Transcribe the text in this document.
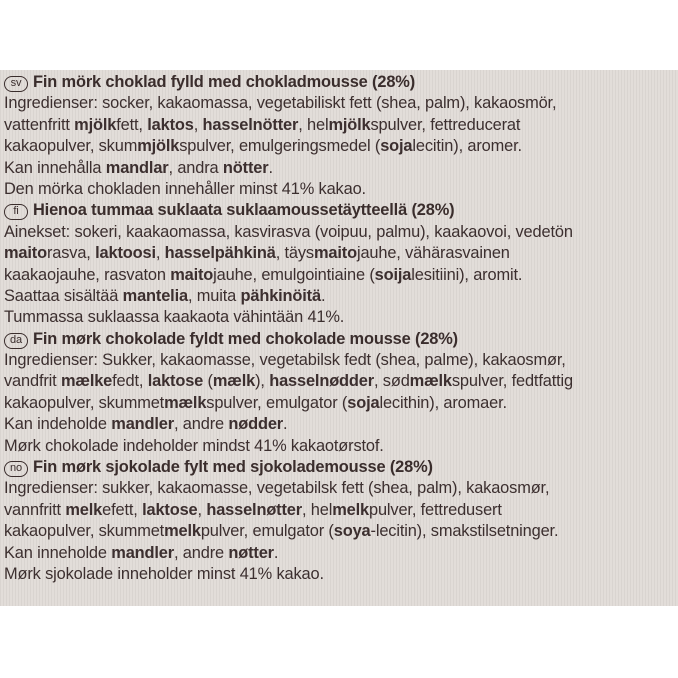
sv Fin mörk choklad fylld med chokladmousse (28%)
Ingredienser: socker, kakaomassa, vegetabiliskt fett (shea, palm), kakaosmör,
vattenfritt mjölkfett, laktos, hasselnötter, helmjölkspulver, fettreducerat
kakaopulver, skummjölkspulver, emulgeringsmedel (sojalecitin), aromer.
Kan innehålla mandlar, andra nötter.
Den mörka chokladen innehåller minst 41% kakao.
fi Hienoa tummaa suklaata suklaamoussetäytteellä (28%)
Ainekset: sokeri, kaakaomassa, kasvirasva (voipuu, palmu), kaakaovoi, vedetön
maitorasva, laktoosi, hasselpähkinä, täysmaitojauhe, vähärasvainen
kaakaojauhe, rasvaton maitojauhe, emulgointiaine (soijalesitiini), aromit.
Saattaa sisältää mantelia, muita pähkinöitä.
Tummassa suklaassa kaakaota vähintään 41%.
da Fin mørk chokolade fyldt med chokolade mousse (28%)
Ingredienser: Sukker, kakaomasse, vegetabilsk fedt (shea, palme), kakaosmør,
vandfrit mælkefedt, laktose (mælk), hasselnødder, sødmælkspulver, fedtfattig
kakaopulver, skummetmælkspulver, emulgator (sojalecithin), aromaer.
Kan indeholde mandler, andre nødder.
Mørk chokolade indeholder mindst 41% kakaotørstof.
no Fin mørk sjokolade fylt med sjokolademousse (28%)
Ingredienser: sukker, kakaomasse, vegetabilsk fett (shea, palm), kakaosmør,
vannfritt melkefett, laktose, hasselnøtter, helmelkpulver, fettredusert
kakaopulver, skummetmelkpulver, emulgator (soya-lecitin), smakstilsetninger.
Kan inneholde mandler, andre nøtter.
Mørk sjokolade inneholder minst 41% kakao.
